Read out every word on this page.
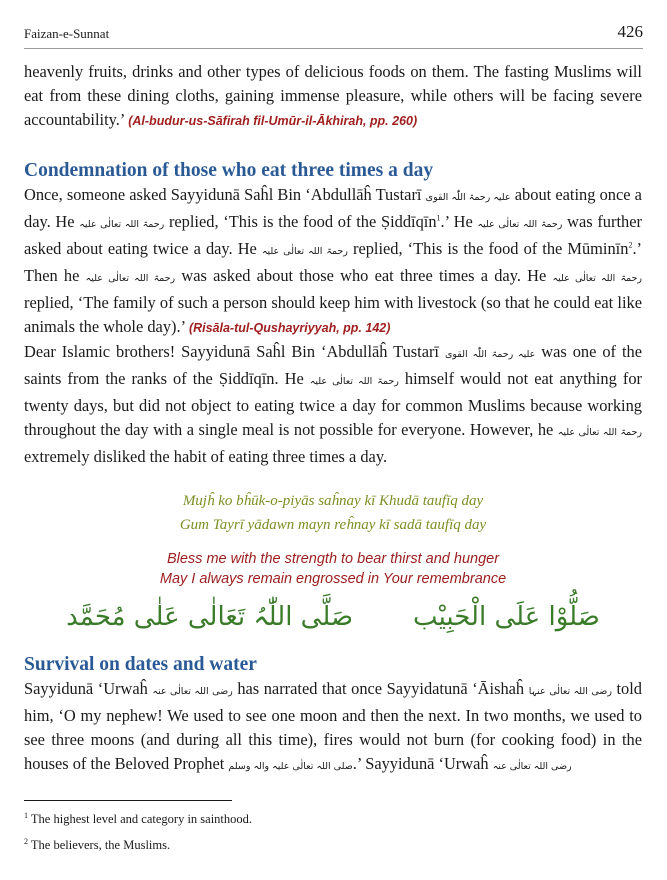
Faizan-e-Sunnat	426

heavenly fruits, drinks and other types of delicious foods on them. The fasting Muslims will eat from these dining cloths, gaining immense pleasure, while others will be facing severe accountability.’ (Al-budur-us-Sāfirah fil-Umūr-il-Ākhirah, pp. 260)

Condemnation of those who eat three times a day

Once, someone asked Sayyidunā Saĥl Bin ‘Abdullāĥ Tustarī علیہ رحمۃ اللّٰہ القوی about eating once a day. He رحمۃ اللہ تعالٰی علیہ replied, ‘This is the food of the Ṣiddīqīn$^1$.’ He رحمۃ اللہ تعالٰی علیہ was further asked about eating twice a day. He رحمۃ اللہ تعالٰی علیہ replied, ‘This is the food of the Mūminīn$^2$.’ Then he رحمۃ اللہ تعالٰی علیہ was asked about those who eat three times a day. He رحمۃ اللہ تعالٰی علیہ replied, ‘The family of such a person should keep him with livestock (so that he could eat like animals the whole day).’ (Risāla-tul-Qushayriyyah, pp. 142)

Dear Islamic brothers! Sayyidunā Saĥl Bin ‘Abdullāĥ Tustarī علیہ رحمۃ اللّٰہ القوی was one of the saints from the ranks of the Ṣiddīqīn. He رحمۃ اللہ تعالٰی علیہ himself would not eat anything for twenty days, but did not object to eating twice a day for common Muslims because working throughout the day with a single meal is not possible for everyone. However, he رحمۃ اللہ تعالٰی علیہ extremely disliked the habit of eating three times a day.

Mujĥ ko bĥūk-o-piyās saĥnay kī Khudā taufīq day
Gum Tayrī yādawn mayn reĥnay kī sadā taufīq day
Bless me with the strength to bear thirst and hunger
May I always remain engrossed in Your remembrance
صَلُّوْا عَلَی الْحَبِیْب
صَلَّی اللّٰہُ تَعَالٰی عَلٰی مُحَمَّد
Survival on dates and water

Sayyidunā ‘Urwaĥ رضی اللہ تعالٰی عنہ has narrated that once Sayyidatunā ‘Āishaĥ رضی اللہ تعالٰی عنہا told him, ‘O my nephew! We used to see one moon and then the next. In two months, we used to see three moons (and during all this time), fires would not burn (for cooking food) in the houses of the Beloved Prophet صلی اللہ تعالٰی علیہ والہ وسلم.’ Sayyidunā ‘Urwaĥ رضی اللہ تعالٰی عنہ

$^1$ The highest level and category in sainthood.
$^2$ The believers, the Muslims.
